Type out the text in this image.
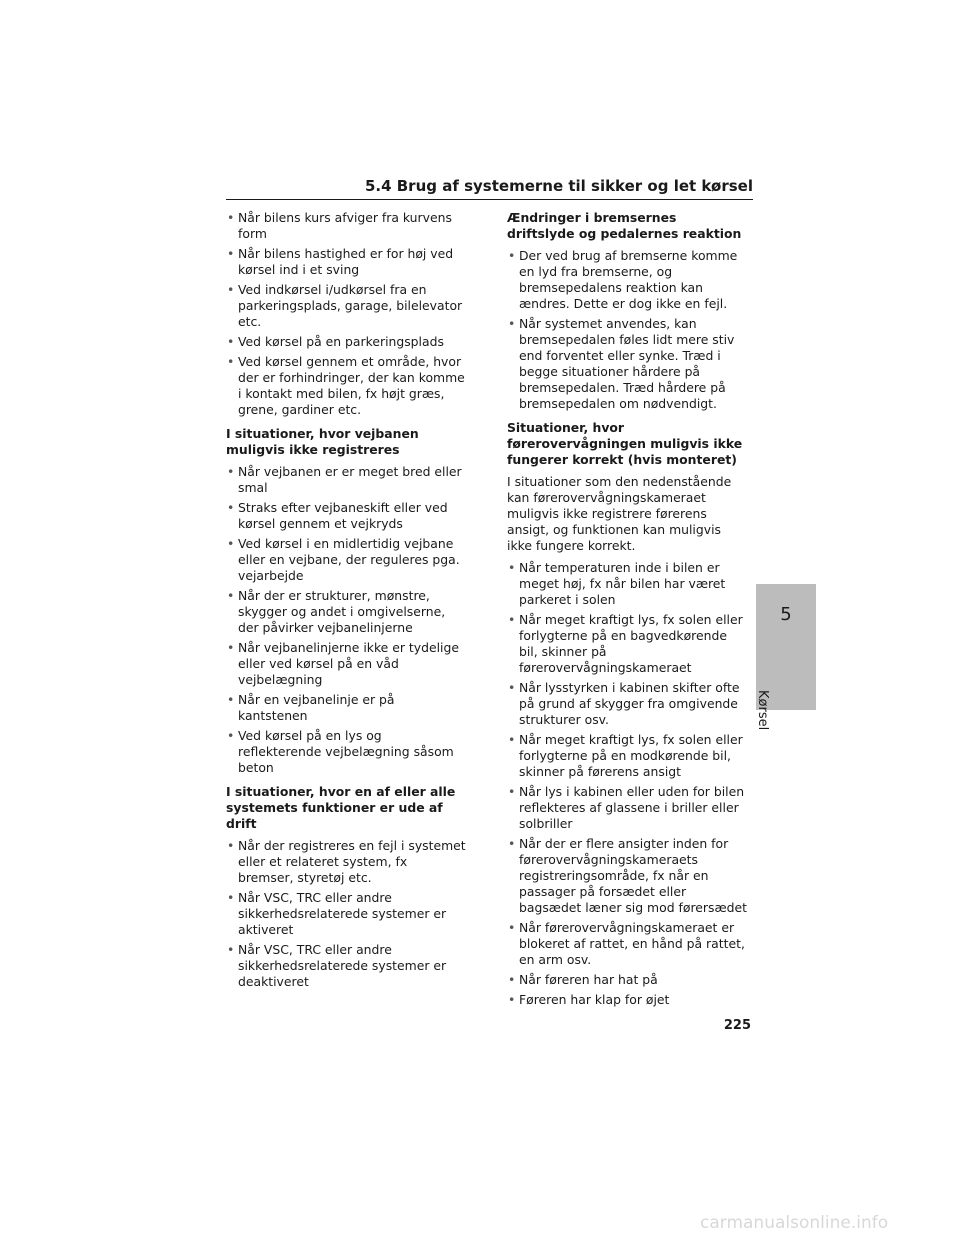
5.4 Brug af systemerne til sikker og let kørsel
• Når bilens kurs afviger fra kurvens form
• Når bilens hastighed er for høj ved kørsel ind i et sving
• Ved indkørsel i/udkørsel fra en parkeringsplads, garage, bilelevator etc.
• Ved kørsel på en parkeringsplads
• Ved kørsel gennem et område, hvor der er forhindringer, der kan komme i kontakt med bilen, fx højt græs, grene, gardiner etc.
I situationer, hvor vejbanen muligvis ikke registreres
• Når vejbanen er er meget bred eller smal
• Straks efter vejbaneskift eller ved kørsel gennem et vejkryds
• Ved kørsel i en midlertidig vejbane eller en vejbane, der reguleres pga. vejarbejde
• Når der er strukturer, mønstre, skygger og andet i omgivelserne, der påvirker vejbanelinjerne
• Når vejbanelinjerne ikke er tydelige eller ved kørsel på en våd vejbelægning
• Når en vejbanelinje er på kantstenen
• Ved kørsel på en lys og reflekterende vejbelægning såsom beton
I situationer, hvor en af eller alle systemets funktioner er ude af drift
• Når der registreres en fejl i systemet eller et relateret system, fx bremser, styretøj etc.
• Når VSC, TRC eller andre sikkerhedsrelaterede systemer er aktiveret
• Når VSC, TRC eller andre sikkerhedsrelaterede systemer er deaktiveret
Ændringer i bremsernes driftslyde og pedalernes reaktion
• Der ved brug af bremserne komme en lyd fra bremserne, og bremsepedalens reaktion kan ændres. Dette er dog ikke en fejl.
• Når systemet anvendes, kan bremsepedalen føles lidt mere stiv end forventet eller synke. Træd i begge situationer hårdere på bremsepedalen. Træd hårdere på bremsepedalen om nødvendigt.
Situationer, hvor førerovervågningen muligvis ikke fungerer korrekt (hvis monteret)
I situationer som den nedenstående kan førerovervågningskameraet muligvis ikke registrere førerens ansigt, og funktionen kan muligvis ikke fungere korrekt.
• Når temperaturen inde i bilen er meget høj, fx når bilen har været parkeret i solen
• Når meget kraftigt lys, fx solen eller forlygterne på en bagvedkørende bil, skinner på førerovervågningskameraet
• Når lysstyrken i kabinen skifter ofte på grund af skygger fra omgivende strukturer osv.
• Når meget kraftigt lys, fx solen eller forlygterne på en modkørende bil, skinner på førerens ansigt
• Når lys i kabinen eller uden for bilen reflekteres af glassene i briller eller solbriller
• Når der er flere ansigter inden for førerovervågningskameraets registreringsområde, fx når en passager på forsædet eller bagsædet læner sig mod førersædet
• Når førerovervågningskameraet er blokeret af rattet, en hånd på rattet, en arm osv.
• Når føreren har hat på
• Føreren har klap for øjet
5
Kørsel
225
carmanualsonline.info
